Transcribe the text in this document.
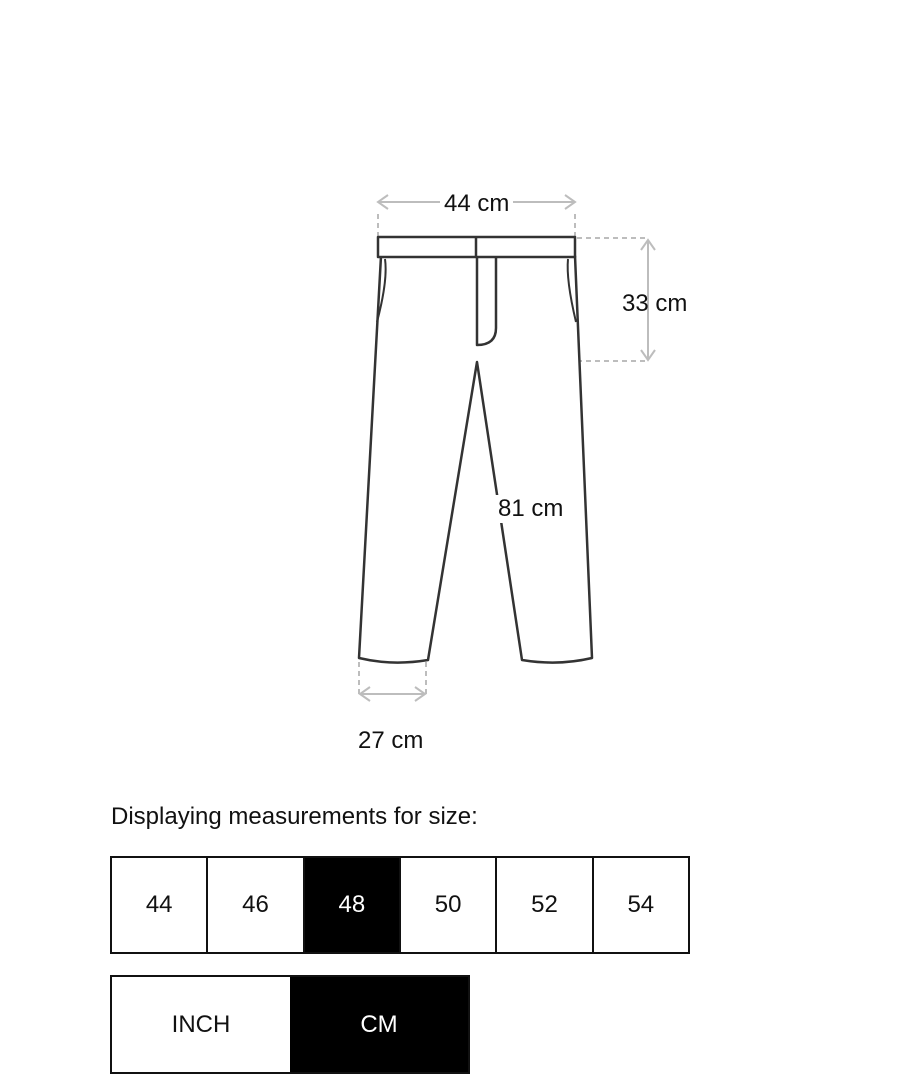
44 cm
33 cm
81 cm
27 cm
Displaying measurements for size:
44	46	48	50	52	54
INCH	CM
